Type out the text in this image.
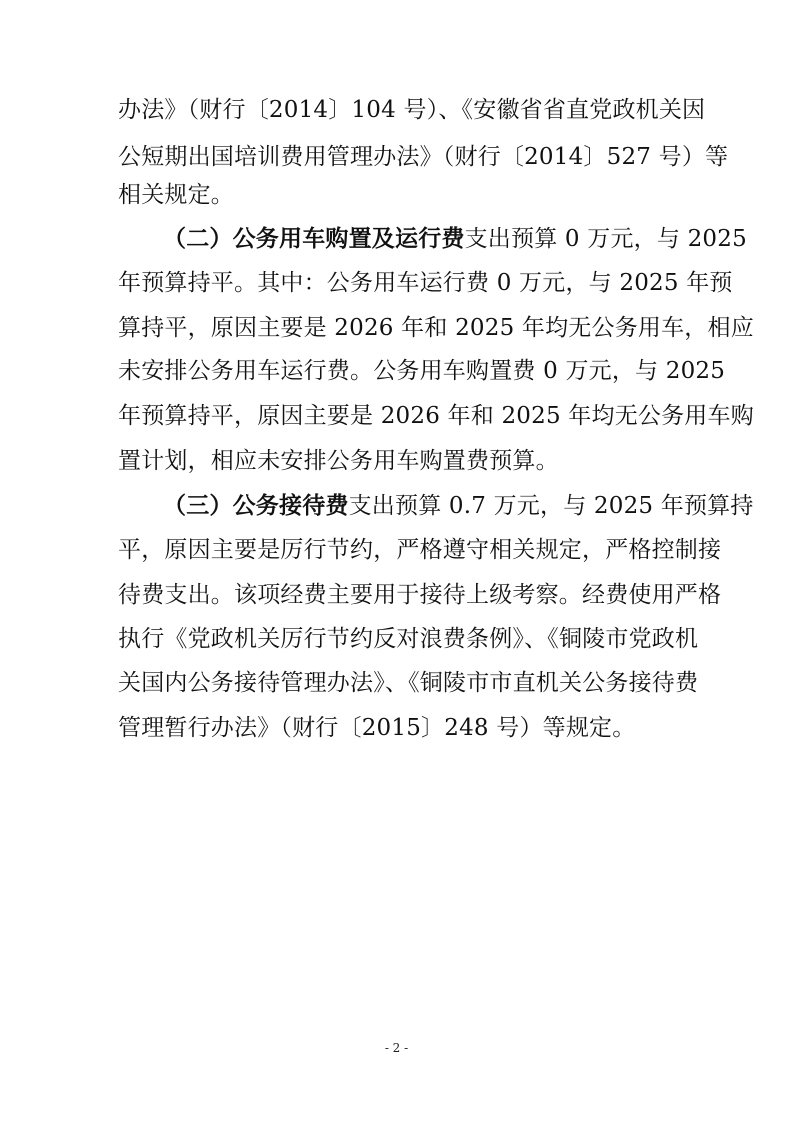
办法》（财行〔2014〕104 号）、《安徽省省直党政机关因
公短期出国培训费用管理办法》（财行〔2014〕527 号）等
相关规定。
（二）公务用车购置及运行费支出预算 0 万元，与 2025
年预算持平。其中：公务用车运行费 0 万元，与 2025 年预
算持平，原因主要是 2026 年和 2025 年均无公务用车，相应
未安排公务用车运行费。公务用车购置费 0 万元，与 2025
年预算持平，原因主要是 2026 年和 2025 年均无公务用车购
置计划，相应未安排公务用车购置费预算。
（三）公务接待费支出预算 0.7 万元，与 2025 年预算持
平，原因主要是厉行节约，严格遵守相关规定，严格控制接
待费支出。该项经费主要用于接待上级考察。经费使用严格
执行《党政机关厉行节约反对浪费条例》、《铜陵市党政机
关国内公务接待管理办法》、《铜陵市市直机关公务接待费
管理暂行办法》（财行〔2015〕248 号）等规定。
- 2 -
